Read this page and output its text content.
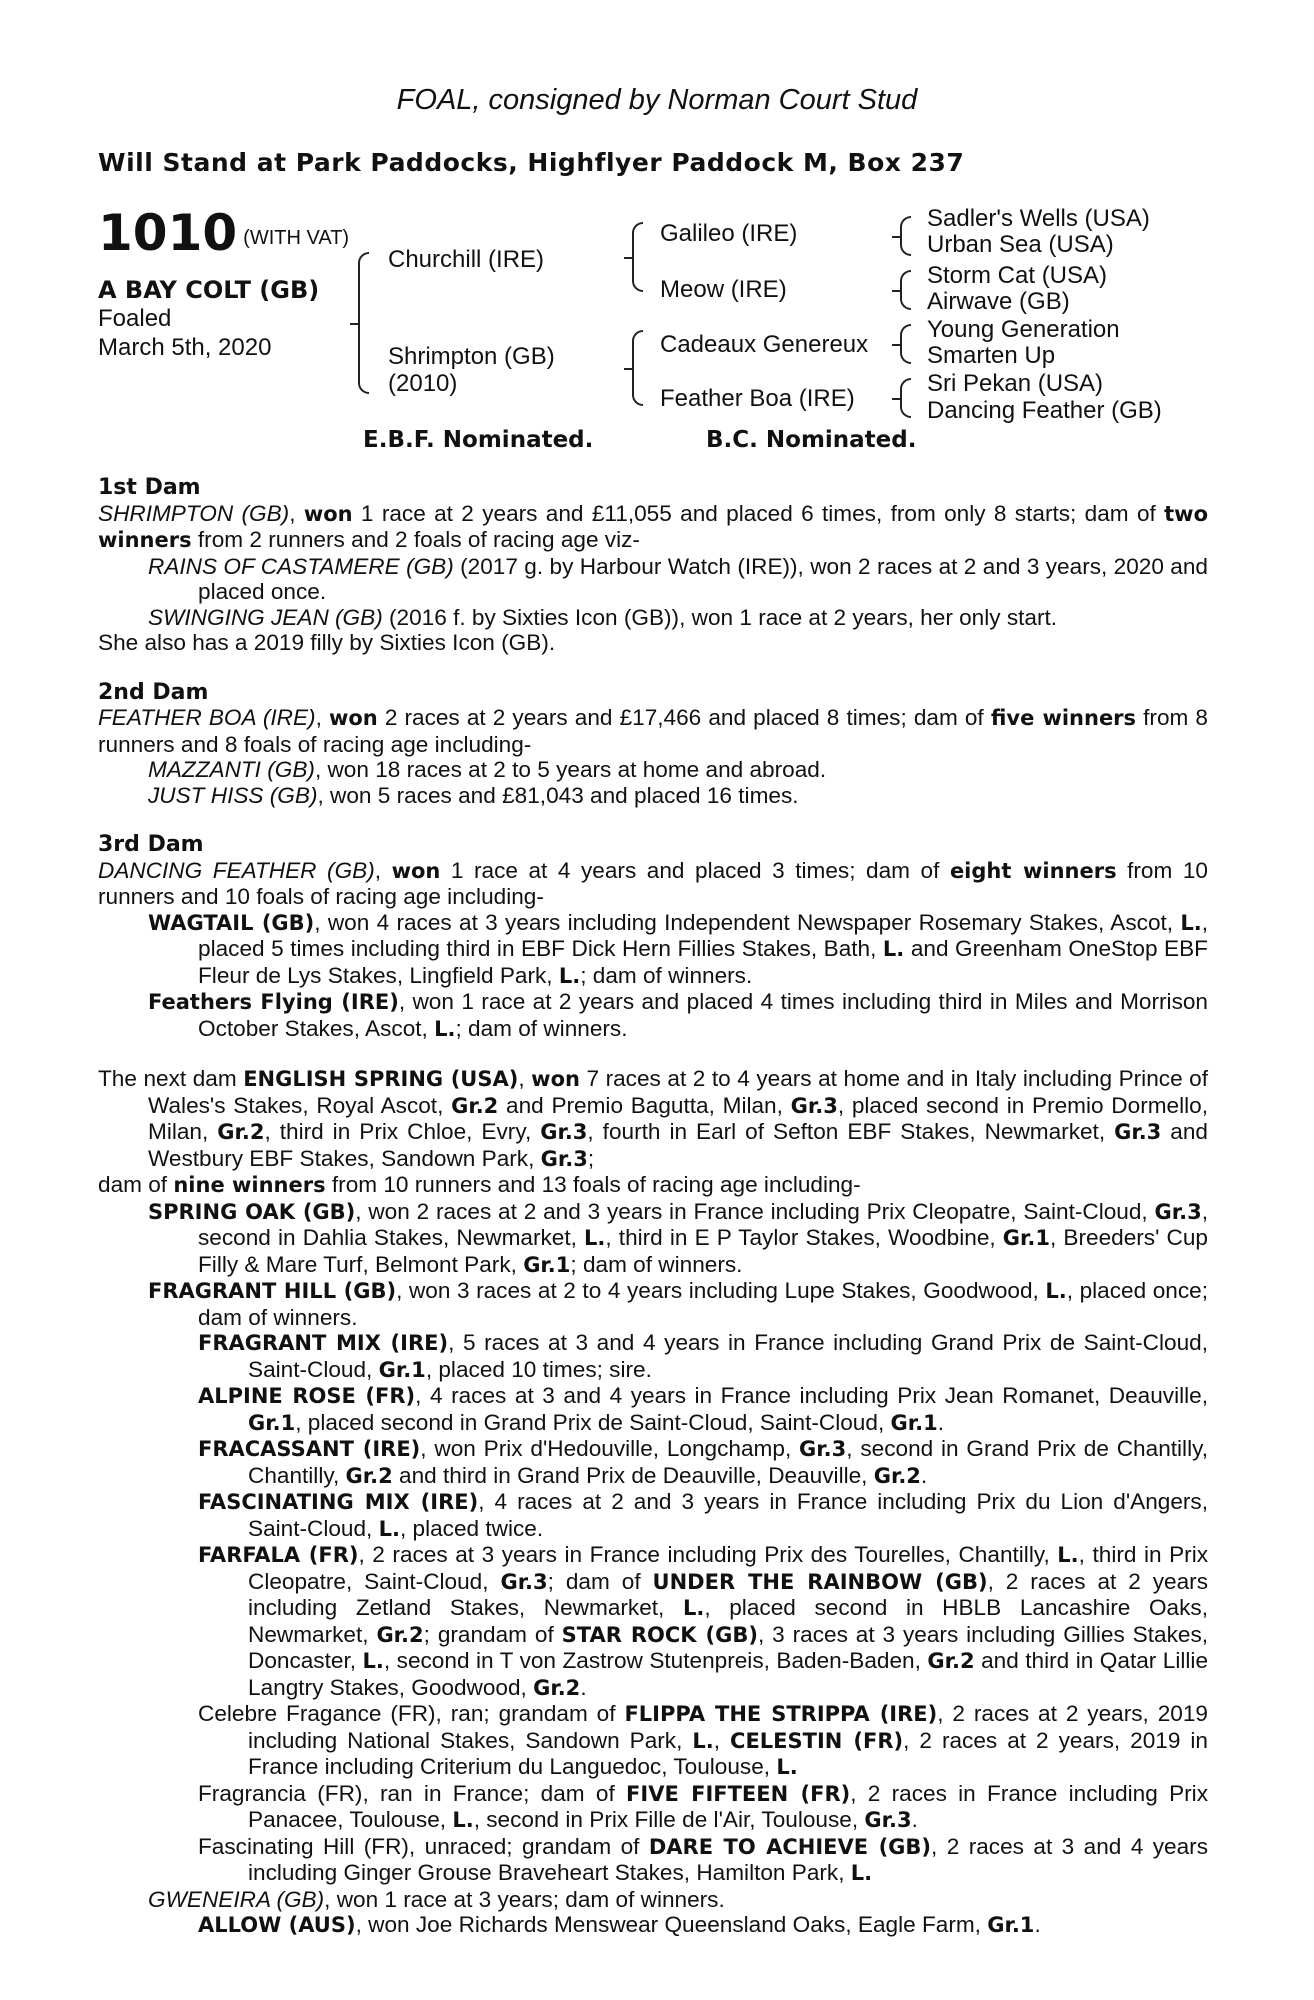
FOAL, consigned by Norman Court Stud
Will Stand at Park Paddocks, Highflyer Paddock M, Box 237
1010 (WITH VAT)
A BAY COLT (GB)
Foaled
March 5th, 2020
Churchill (IRE)
Shrimpton (GB)
(2010)
Galileo (IRE)
Meow (IRE)
Cadeaux Genereux
Feather Boa (IRE)
Sadler's Wells (USA)
Urban Sea (USA)
Storm Cat (USA)
Airwave (GB)
Young Generation
Smarten Up
Sri Pekan (USA)
Dancing Feather (GB)
E.B.F. Nominated.	B.C. Nominated.
1st Dam
SHRIMPTON (GB), won 1 race at 2 years and £11,055 and placed 6 times, from only 8 starts; dam of two winners from 2 runners and 2 foals of racing age viz-
RAINS OF CASTAMERE (GB) (2017 g. by Harbour Watch (IRE)), won 2 races at 2 and 3 years, 2020 and placed once.
SWINGING JEAN (GB) (2016 f. by Sixties Icon (GB)), won 1 race at 2 years, her only start.
She also has a 2019 filly by Sixties Icon (GB).
2nd Dam
FEATHER BOA (IRE), won 2 races at 2 years and £17,466 and placed 8 times; dam of five winners from 8 runners and 8 foals of racing age including-
MAZZANTI (GB), won 18 races at 2 to 5 years at home and abroad.
JUST HISS (GB), won 5 races and £81,043 and placed 16 times.
3rd Dam
DANCING FEATHER (GB), won 1 race at 4 years and placed 3 times; dam of eight winners from 10 runners and 10 foals of racing age including-
WAGTAIL (GB), won 4 races at 3 years including Independent Newspaper Rosemary Stakes, Ascot, L., placed 5 times including third in EBF Dick Hern Fillies Stakes, Bath, L. and Greenham OneStop EBF Fleur de Lys Stakes, Lingfield Park, L.; dam of winners.
Feathers Flying (IRE), won 1 race at 2 years and placed 4 times including third in Miles and Morrison October Stakes, Ascot, L.; dam of winners.
The next dam ENGLISH SPRING (USA), won 7 races at 2 to 4 years at home and in Italy including Prince of Wales's Stakes, Royal Ascot, Gr.2 and Premio Bagutta, Milan, Gr.3, placed second in Premio Dormello, Milan, Gr.2, third in Prix Chloe, Evry, Gr.3, fourth in Earl of Sefton EBF Stakes, Newmarket, Gr.3 and Westbury EBF Stakes, Sandown Park, Gr.3;
dam of nine winners from 10 runners and 13 foals of racing age including-
SPRING OAK (GB), won 2 races at 2 and 3 years in France including Prix Cleopatre, Saint-Cloud, Gr.3, second in Dahlia Stakes, Newmarket, L., third in E P Taylor Stakes, Woodbine, Gr.1, Breeders' Cup Filly & Mare Turf, Belmont Park, Gr.1; dam of winners.
FRAGRANT HILL (GB), won 3 races at 2 to 4 years including Lupe Stakes, Goodwood, L., placed once; dam of winners.
FRAGRANT MIX (IRE), 5 races at 3 and 4 years in France including Grand Prix de Saint-Cloud, Saint-Cloud, Gr.1, placed 10 times; sire.
ALPINE ROSE (FR), 4 races at 3 and 4 years in France including Prix Jean Romanet, Deauville, Gr.1, placed second in Grand Prix de Saint-Cloud, Saint-Cloud, Gr.1.
FRACASSANT (IRE), won Prix d'Hedouville, Longchamp, Gr.3, second in Grand Prix de Chantilly, Chantilly, Gr.2 and third in Grand Prix de Deauville, Deauville, Gr.2.
FASCINATING MIX (IRE), 4 races at 2 and 3 years in France including Prix du Lion d'Angers, Saint-Cloud, L., placed twice.
FARFALA (FR), 2 races at 3 years in France including Prix des Tourelles, Chantilly, L., third in Prix Cleopatre, Saint-Cloud, Gr.3; dam of UNDER THE RAINBOW (GB), 2 races at 2 years including Zetland Stakes, Newmarket, L., placed second in HBLB Lancashire Oaks, Newmarket, Gr.2; grandam of STAR ROCK (GB), 3 races at 3 years including Gillies Stakes, Doncaster, L., second in T von Zastrow Stutenpreis, Baden-Baden, Gr.2 and third in Qatar Lillie Langtry Stakes, Goodwood, Gr.2.
Celebre Fragance (FR), ran; grandam of FLIPPA THE STRIPPA (IRE), 2 races at 2 years, 2019 including National Stakes, Sandown Park, L., CELESTIN (FR), 2 races at 2 years, 2019 in France including Criterium du Languedoc, Toulouse, L.
Fragrancia (FR), ran in France; dam of FIVE FIFTEEN (FR), 2 races in France including Prix Panacee, Toulouse, L., second in Prix Fille de l'Air, Toulouse, Gr.3.
Fascinating Hill (FR), unraced; grandam of DARE TO ACHIEVE (GB), 2 races at 3 and 4 years including Ginger Grouse Braveheart Stakes, Hamilton Park, L.
GWENEIRA (GB), won 1 race at 3 years; dam of winners.
ALLOW (AUS), won Joe Richards Menswear Queensland Oaks, Eagle Farm, Gr.1.
